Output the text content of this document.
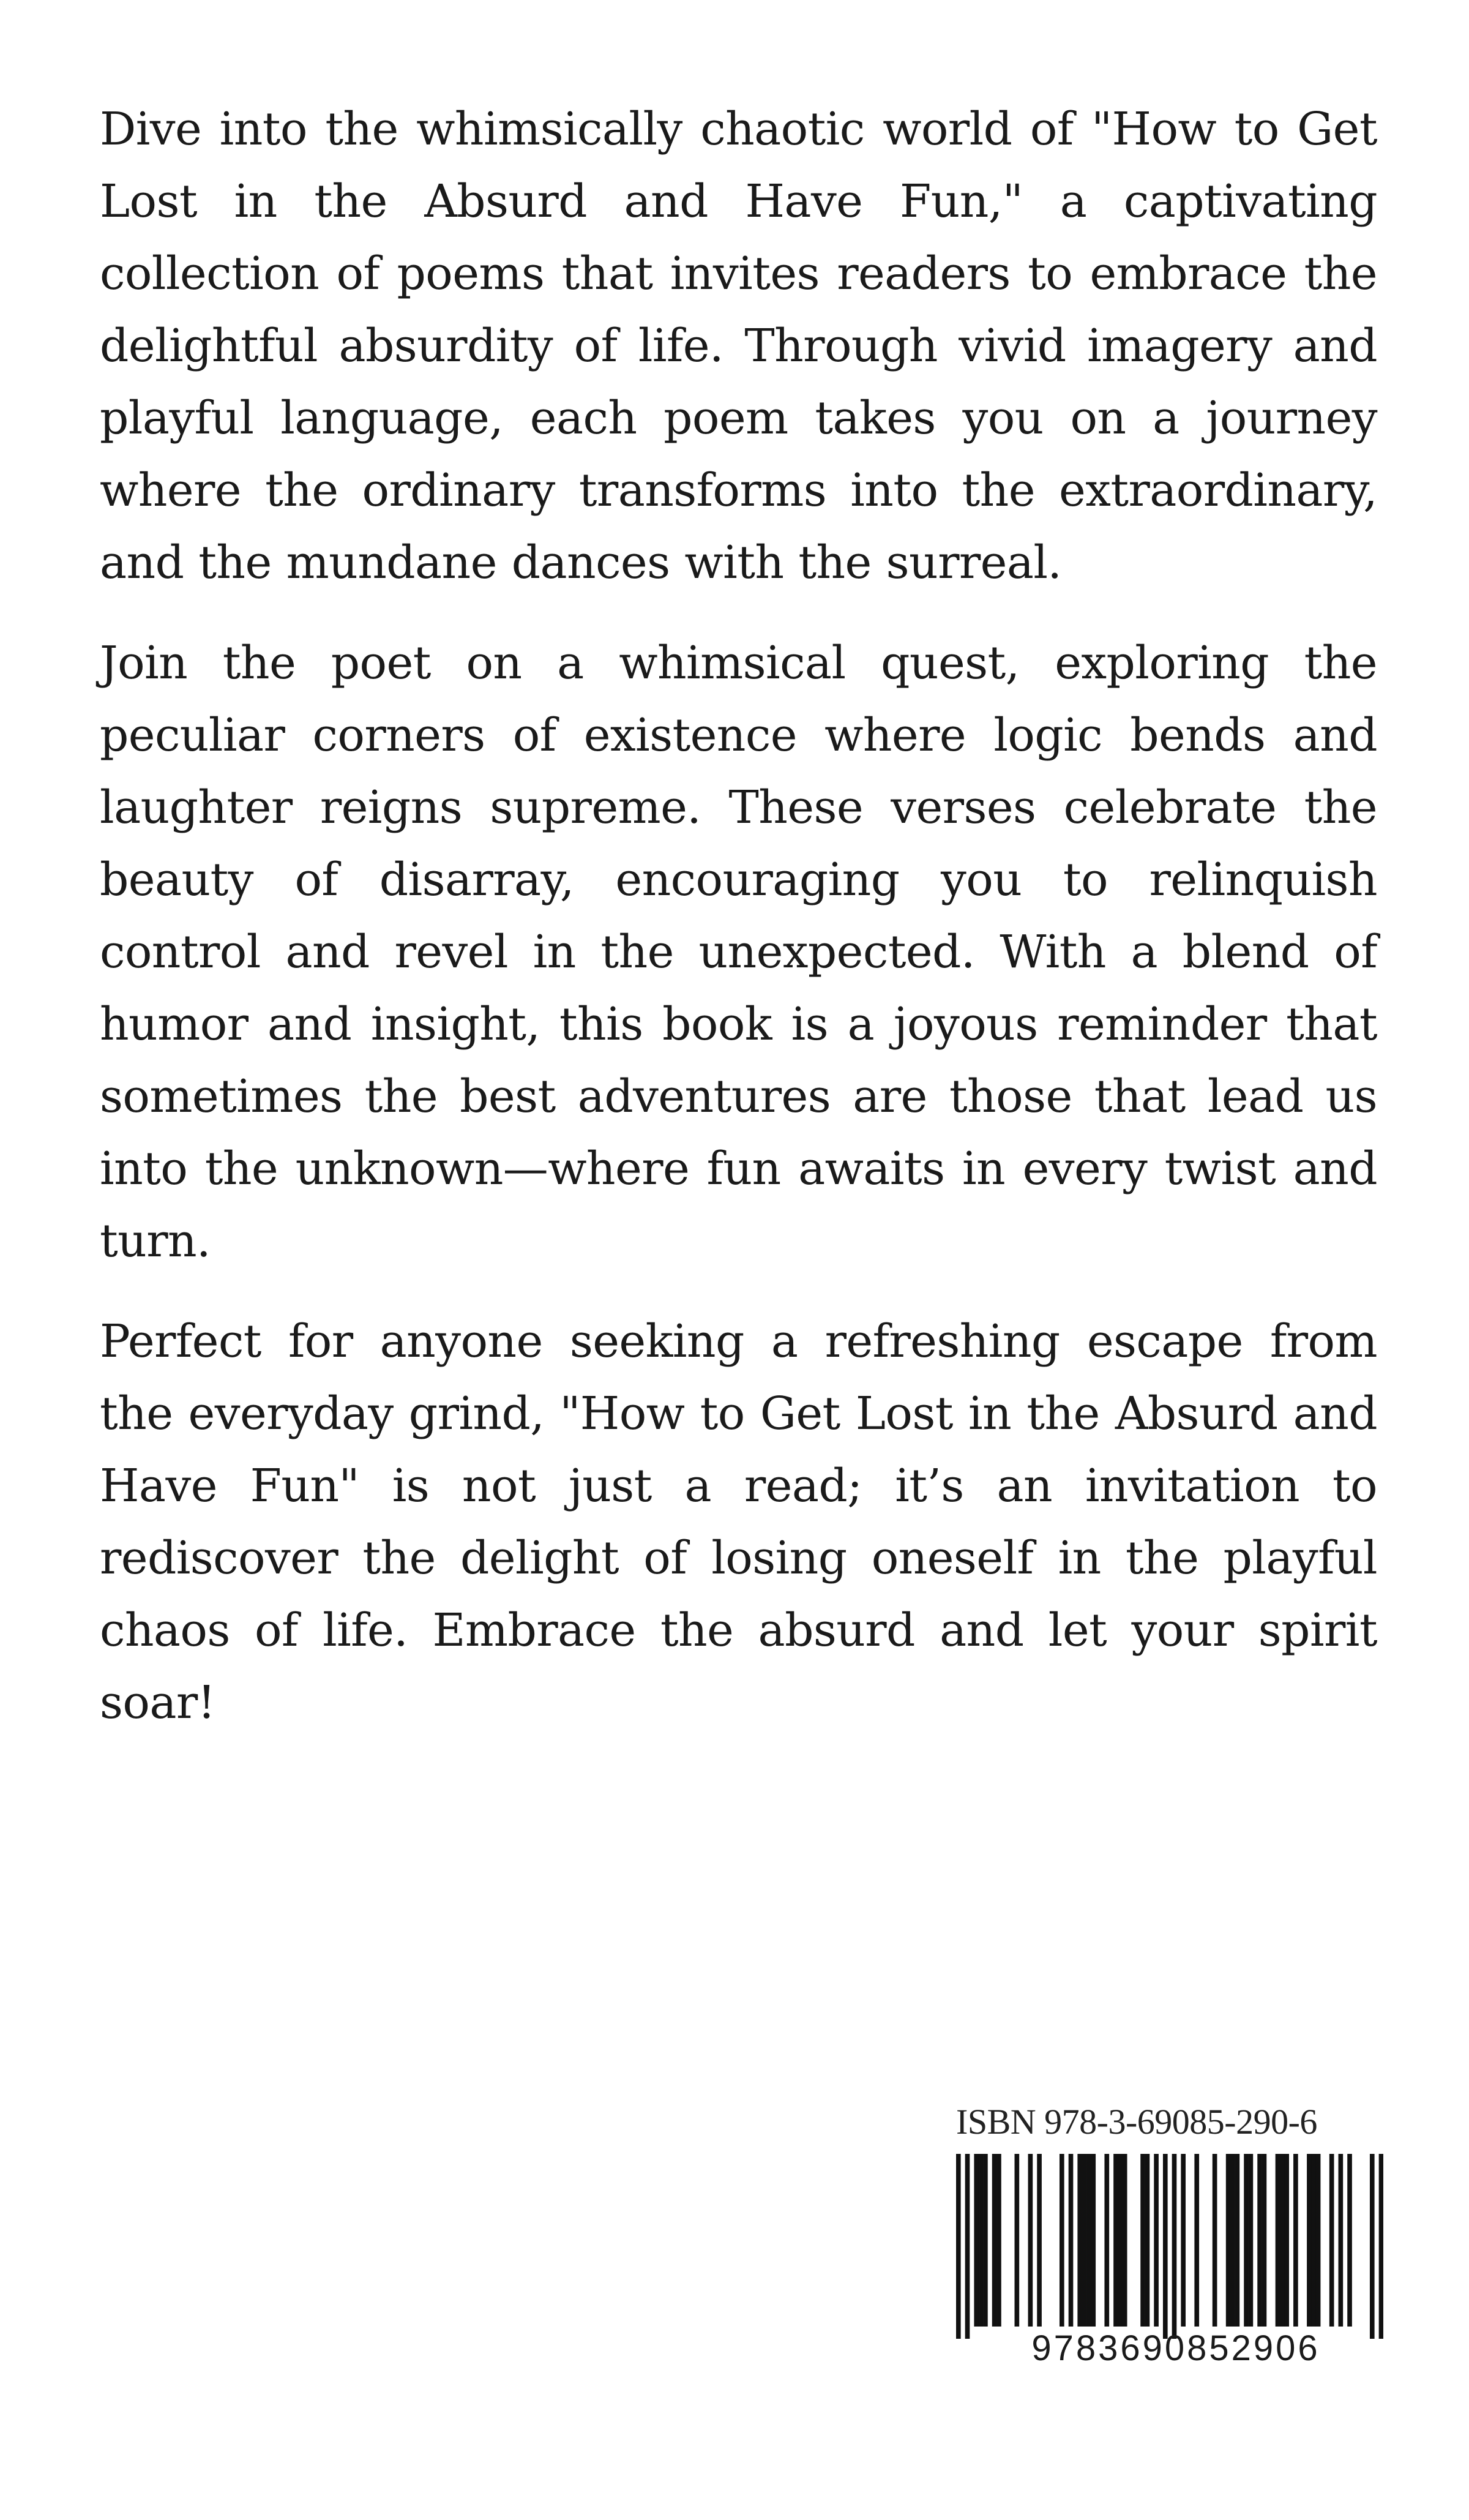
Dive into the whimsically chaotic world of "How to Get Lost in the Absurd and Have Fun," a captivating collection of poems that invites readers to embrace the delightful absurdity of life. Through vivid imagery and playful language, each poem takes you on a journey where the ordinary transforms into the extraordinary, and the mundane dances with the surreal.

Join the poet on a whimsical quest, exploring the peculiar corners of existence where logic bends and laughter reigns supreme. These verses celebrate the beauty of disarray, encouraging you to relinquish control and revel in the unexpected. With a blend of humor and insight, this book is a joyous reminder that sometimes the best adventures are those that lead us into the unknown—where fun awaits in every twist and turn.

Perfect for anyone seeking a refreshing escape from the everyday grind, "How to Get Lost in the Absurd and Have Fun" is not just a read; it’s an invitation to rediscover the delight of losing oneself in the playful chaos of life. Embrace the absurd and let your spirit soar!

ISBN 978-3-69085-290-6
9783690852906
